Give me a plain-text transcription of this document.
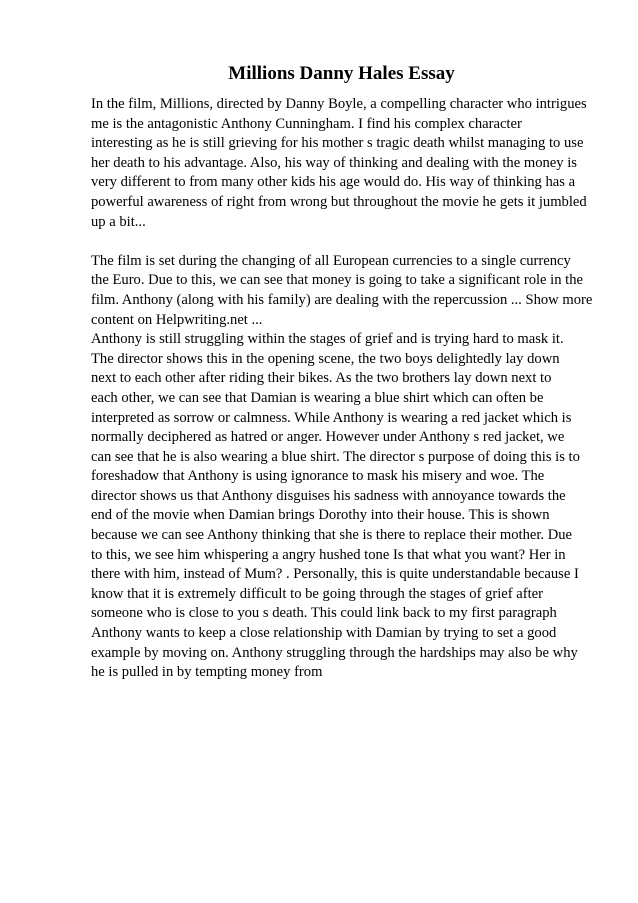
Millions Danny Hales Essay
In the film, Millions, directed by Danny Boyle, a compelling character who intrigues
me is the antagonistic Anthony Cunningham. I find his complex character
interesting as he is still grieving for his mother s tragic death whilst managing to use
her death to his advantage. Also, his way of thinking and dealing with the money is
very different to from many other kids his age would do. His way of thinking has a
powerful awareness of right from wrong but throughout the movie he gets it jumbled
up a bit...
The film is set during the changing of all European currencies to a single currency
the Euro. Due to this, we can see that money is going to take a significant role in the
film. Anthony (along with his family) are dealing with the repercussion ... Show more
content on Helpwriting.net ...
Anthony is still struggling within the stages of grief and is trying hard to mask it.
The director shows this in the opening scene, the two boys delightedly lay down
next to each other after riding their bikes. As the two brothers lay down next to
each other, we can see that Damian is wearing a blue shirt which can often be
interpreted as sorrow or calmness. While Anthony is wearing a red jacket which is
normally deciphered as hatred or anger. However under Anthony s red jacket, we
can see that he is also wearing a blue shirt. The director s purpose of doing this is to
foreshadow that Anthony is using ignorance to mask his misery and woe. The
director shows us that Anthony disguises his sadness with annoyance towards the
end of the movie when Damian brings Dorothy into their house. This is shown
because we can see Anthony thinking that she is there to replace their mother. Due
to this, we see him whispering a angry hushed tone Is that what you want? Her in
there with him, instead of Mum? . Personally, this is quite understandable because I
know that it is extremely difficult to be going through the stages of grief after
someone who is close to you s death. This could link back to my first paragraph
Anthony wants to keep a close relationship with Damian by trying to set a good
example by moving on. Anthony struggling through the hardships may also be why
he is pulled in by tempting money from
